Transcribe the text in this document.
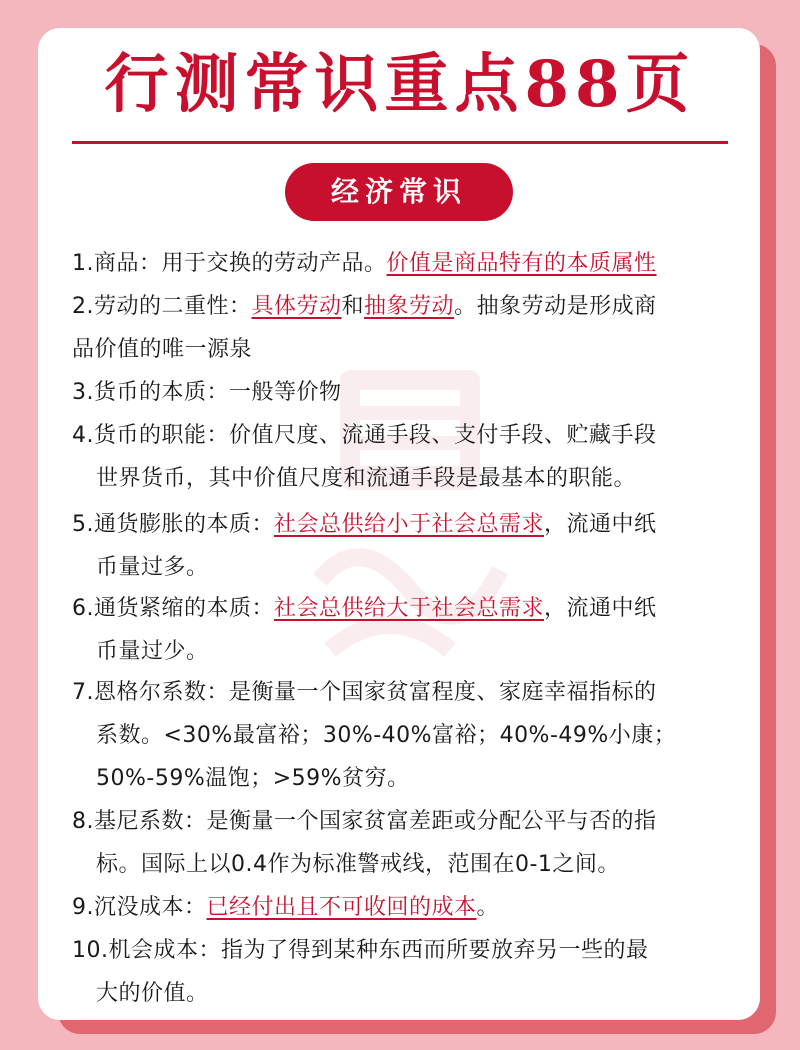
行测常识重点88页
经济常识
1.商品：用于交换的劳动产品。价值是商品特有的本质属性
2.劳动的二重性：具体劳动和抽象劳动。抽象劳动是形成商
品价值的唯一源泉
3.货币的本质：一般等价物
4.货币的职能：价值尺度、流通手段、支付手段、贮藏手段
世界货币，其中价值尺度和流通手段是最基本的职能。
5.通货膨胀的本质：社会总供给小于社会总需求，流通中纸
币量过多。
6.通货紧缩的本质：社会总供给大于社会总需求，流通中纸
币量过少。
7.恩格尔系数：是衡量一个国家贫富程度、家庭幸福指标的
系数。<30%最富裕；30%-40%富裕；40%-49%小康；
50%-59%温饱；>59%贫穷。
8.基尼系数：是衡量一个国家贫富差距或分配公平与否的指
标。国际上以0.4作为标准警戒线，范围在0-1之间。
9.沉没成本：已经付出且不可收回的成本。
10.机会成本：指为了得到某种东西而所要放弃另一些的最
大的价值。
